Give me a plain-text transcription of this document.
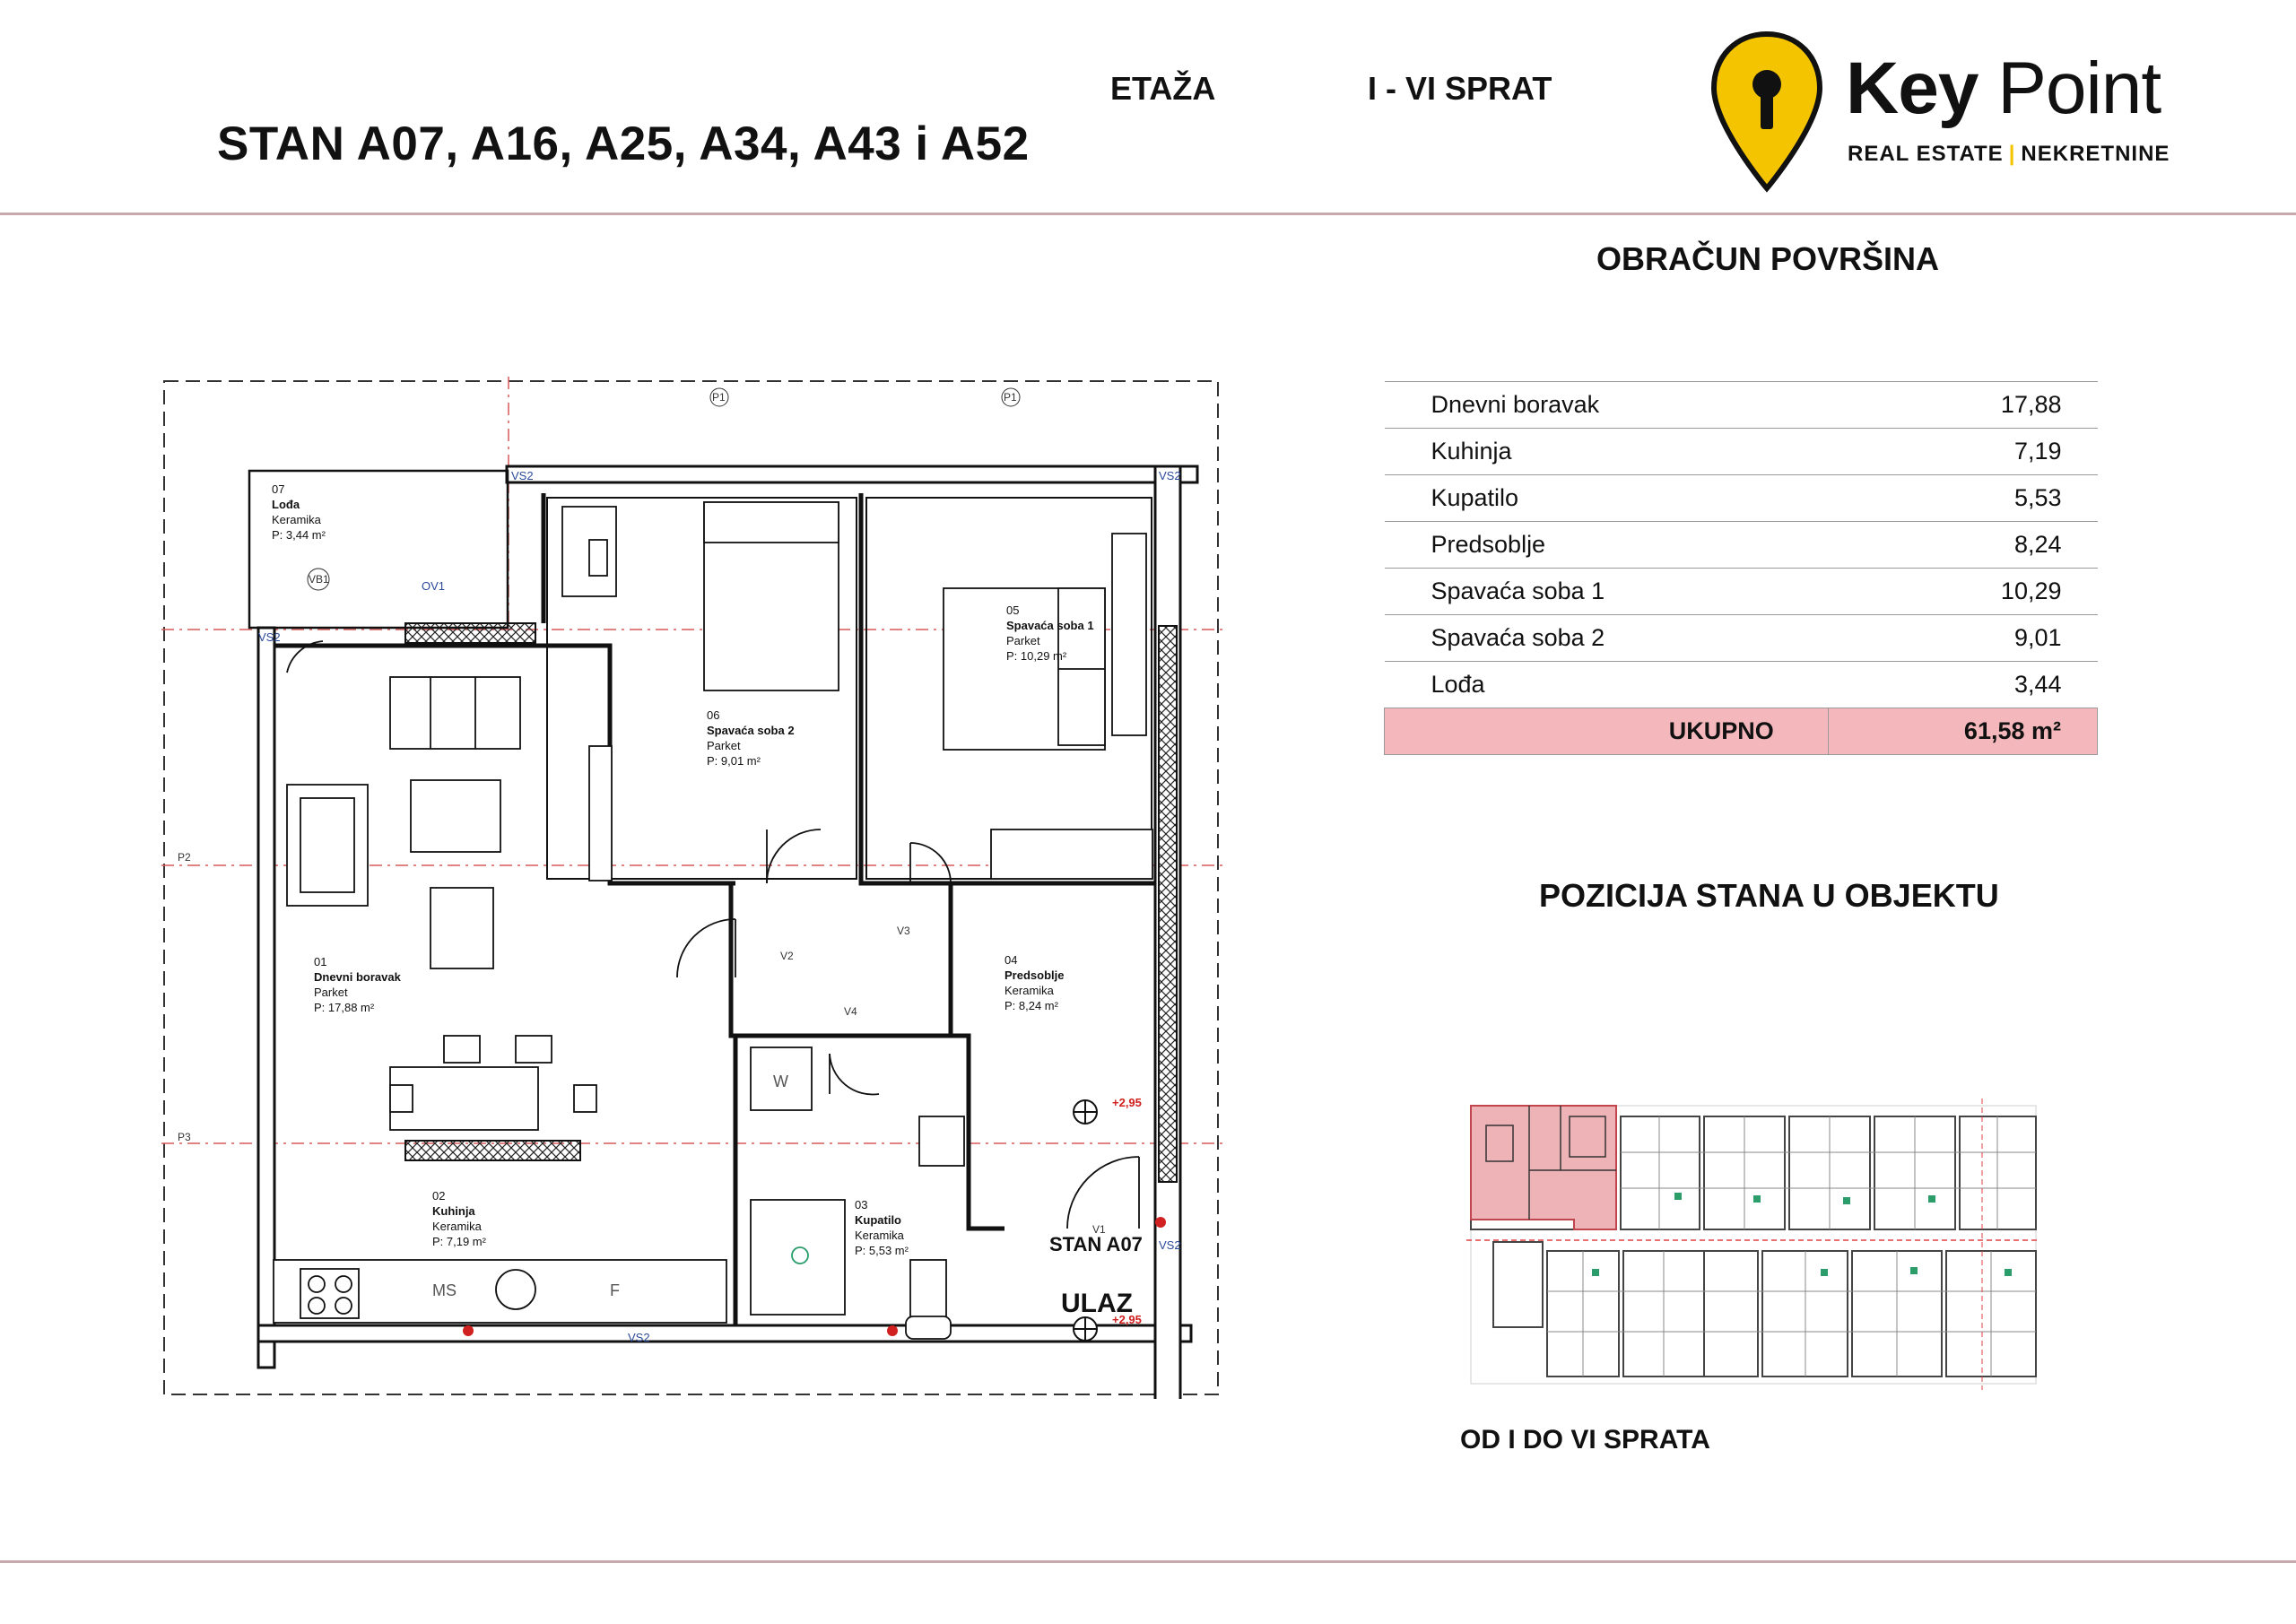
STAN A07, A16, A25, A34, A43 i A52
ETAŽA	I - VI SPRAT	Key Point
REAL ESTATE | NEKRETNINE
OBRAČUN POVRŠINA
Dnevni boravak	17,88
Kuhinja	7,19
Kupatilo	5,53
Predsoblje	8,24
Spavaća soba 1	10,29
Spavaća soba 2	9,01
Lođa	3,44
UKUPNO	61,58 m²
POZICIJA STANA U OBJEKTU
OD I DO VI SPRATA
07
Lođa
Keramika
P: 3,44 m²
06
Spavaća soba 2
Parket
P: 9,01 m²
05
Spavaća soba 1
Parket
P: 10,29 m²
01
Dnevni boravak
Parket
P: 17,88 m²
04
Predsoblje
Keramika
P: 8,24 m²
03
Kupatilo
Keramika
P: 5,53 m²
02
Kuhinja
Keramika
P: 7,19 m²
MS	F
W
VS2
VS2
VS2
VS2
VS2
OV1
VB1
P1	P1
P2
P3
V1
V2
V3
V4
+2,95
+2,95
STAN A07
ULAZ
